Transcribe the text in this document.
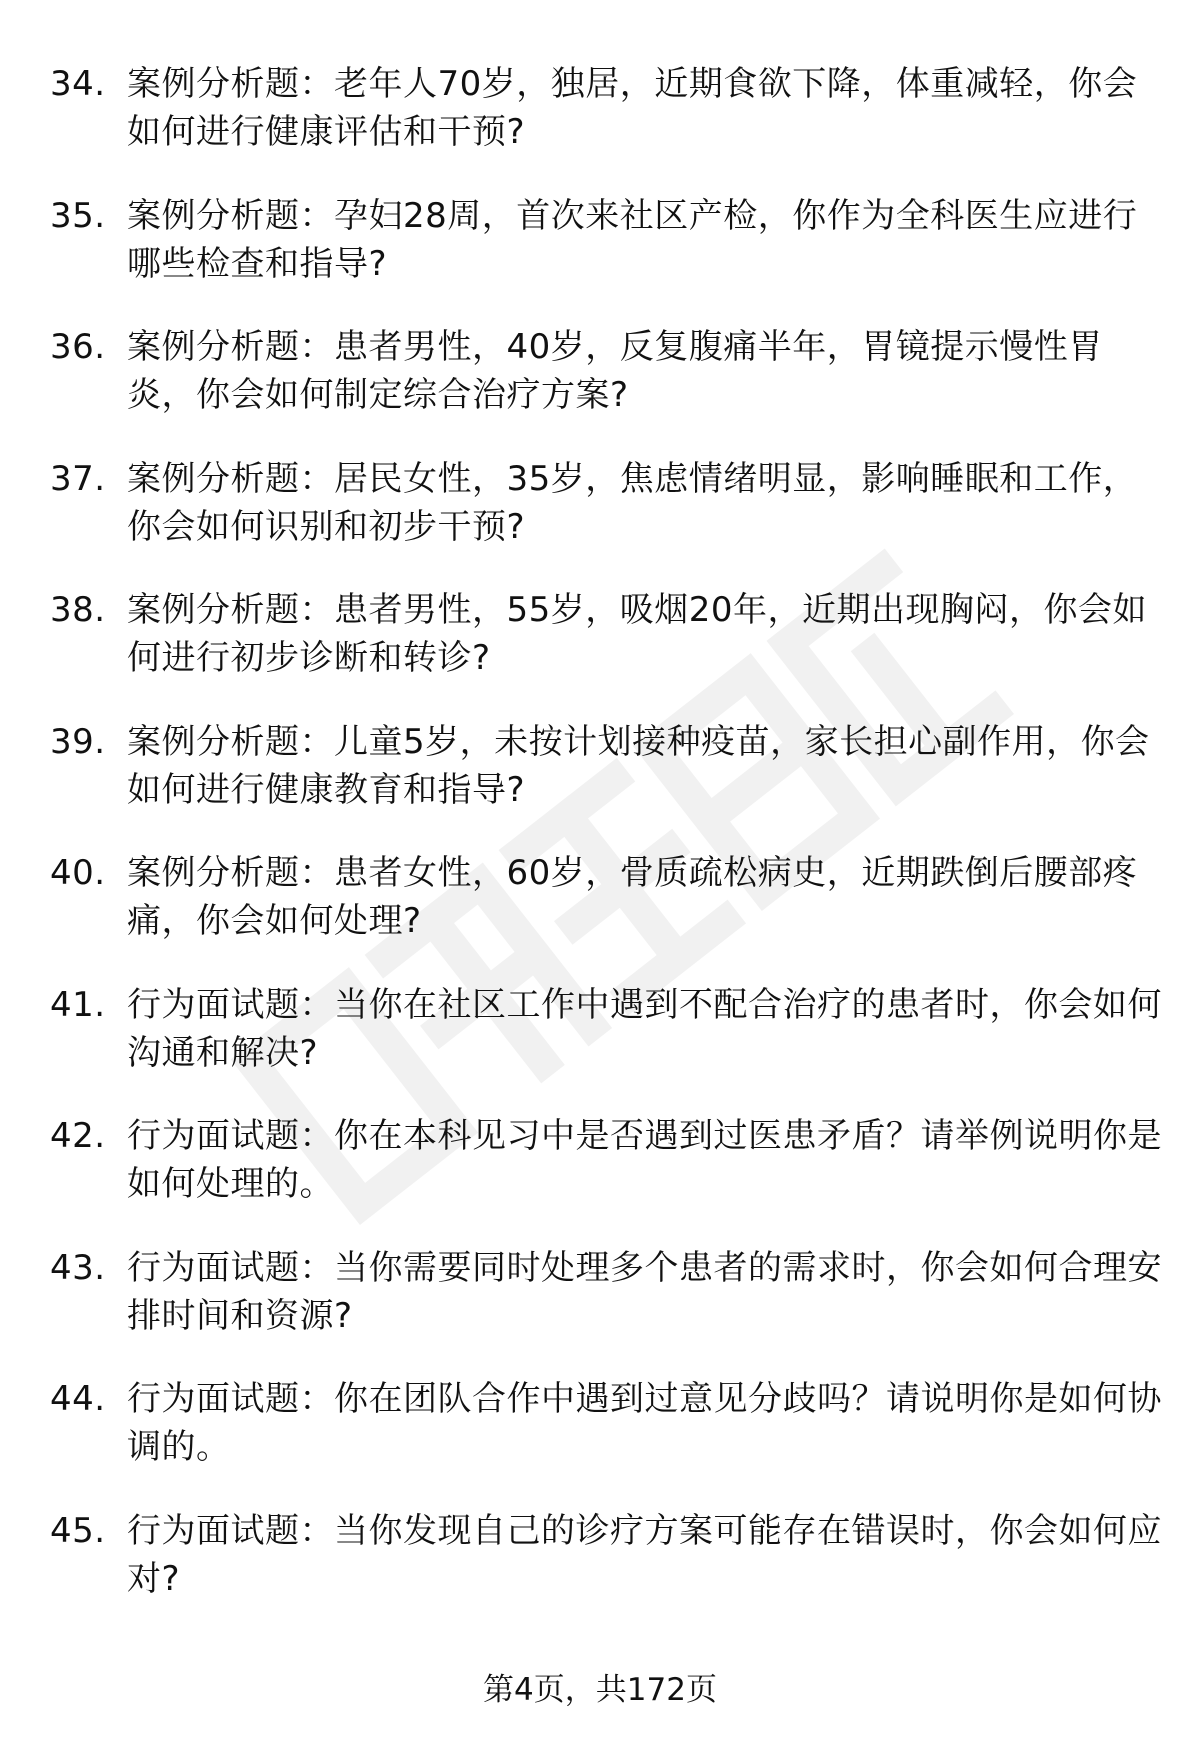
34. 案例分析题：老年人70岁，独居，近期食欲下降，体重减轻，你会如何进行健康评估和干预?
35. 案例分析题：孕妇28周，首次来社区产检，你作为全科医生应进行哪些检查和指导?
36. 案例分析题：患者男性，40岁，反复腹痛半年，胃镜提示慢性胃炎，你会如何制定综合治疗方案?
37. 案例分析题：居民女性，35岁，焦虑情绪明显，影响睡眠和工作，你会如何识别和初步干预?
38. 案例分析题：患者男性，55岁，吸烟20年，近期出现胸闷，你会如何进行初步诊断和转诊?
39. 案例分析题：儿童5岁，未按计划接种疫苗，家长担心副作用，你会如何进行健康教育和指导?
40. 案例分析题：患者女性，60岁，骨质疏松病史，近期跌倒后腰部疼痛，你会如何处理?
41. 行为面试题：当你在社区工作中遇到不配合治疗的患者时，你会如何沟通和解决?
42. 行为面试题：你在本科见习中是否遇到过医患矛盾？请举例说明你是如何处理的。
43. 行为面试题：当你需要同时处理多个患者的需求时，你会如何合理安排时间和资源?
44. 行为面试题：你在团队合作中遇到过意见分歧吗？请说明你是如何协调的。
45. 行为面试题：当你发现自己的诊疗方案可能存在错误时，你会如何应对?
第4页，共172页
